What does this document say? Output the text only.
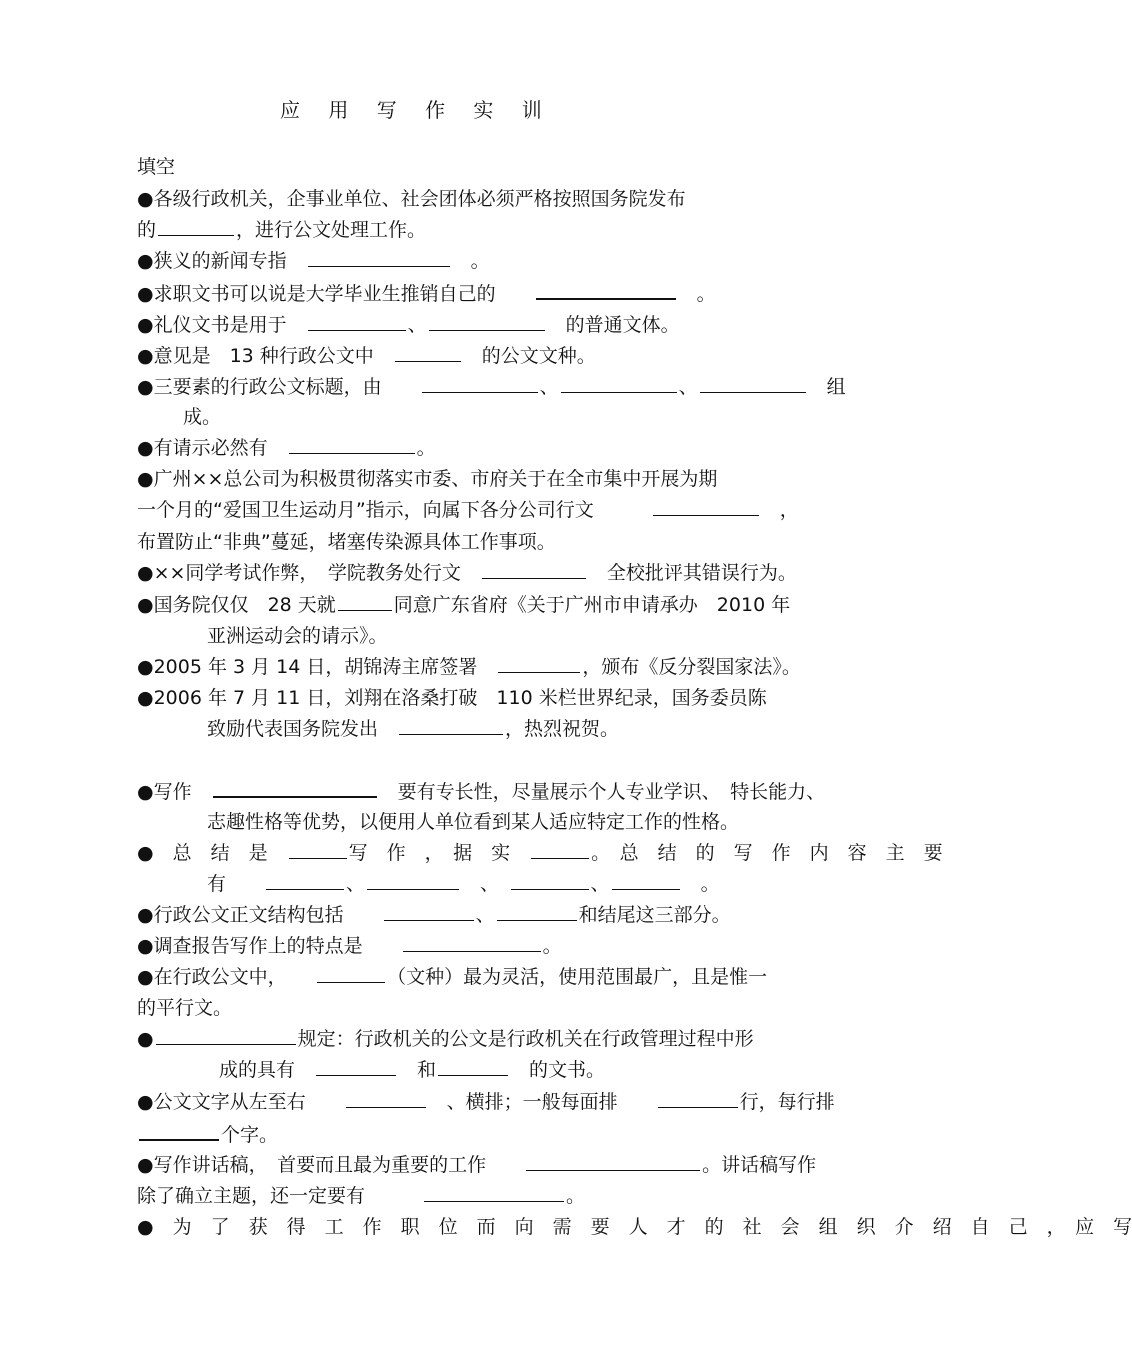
应 用 写 作 实 训
填空
●各级行政机关，企事业单位、社会团体必须严格按照国务院发布
的	，进行公文处理工作。
●狭义的新闻专指　	　。
●求职文书可以说是大学毕业生推销自己的　　	　。
●礼仪文书是用于　	、	　的普通文体。
●意见是　13 种行政公文中　	　的公文文种。
●三要素的行政公文标题，由　　	、	、	　组
成。
●有请示必然有　	。
●广州××总公司为积极贯彻落实市委、市府关于在全市集中开展为期
一个月的“爱国卫生运动月”指示，向属下各分公司行文　　　	　，
布置防止“非典”蔓延，堵塞传染源具体工作事项。
●××同学考试作弊，　学院教务处行文　	　全校批评其错误行为。
●国务院仅仅　28 天就	同意广东省府《关于广州市申请承办　2010 年
亚洲运动会的请示》。
●2005 年 3 月 14 日，胡锦涛主席签署　	，颁布《反分裂国家法》。
●2006 年 7 月 11 日，刘翔在洛桑打破　110 米栏世界纪录，国务委员陈
致励代表国务院发出　	，热烈祝贺。
●写作　	　要有专长性，尽量展示个人专业学识、　特长能力、
志趣性格等优势，以便用人单位看到某人适应特定工作的性格。
●　总　结　是　	写　作　，　据　实　	。　总　结　的　写　作　内　容　主　要
有　　	、	　、　	、	　。
●行政公文正文结构包括　　	、	和结尾这三部分。
●调查报告写作上的特点是　　	。
●在行政公文中，　　	（文种）最为灵活，使用范围最广，且是惟一
的平行文。
●	规定：行政机关的公文是行政机关在行政管理过程中形
成的具有　	　和	　的文书。
●公文文字从左至右　　	　、横排；一般每面排　　	行，每行排
个字。
●写作讲话稿，　首要而且最为重要的工作　　	。讲话稿写作
除了确立主题，还一定要有　　　	。
●　为　了　获　得　工　作　职　位　而　向　需　要　人　才　的　社　会　组　织　介　绍　自　己　，　应　写
